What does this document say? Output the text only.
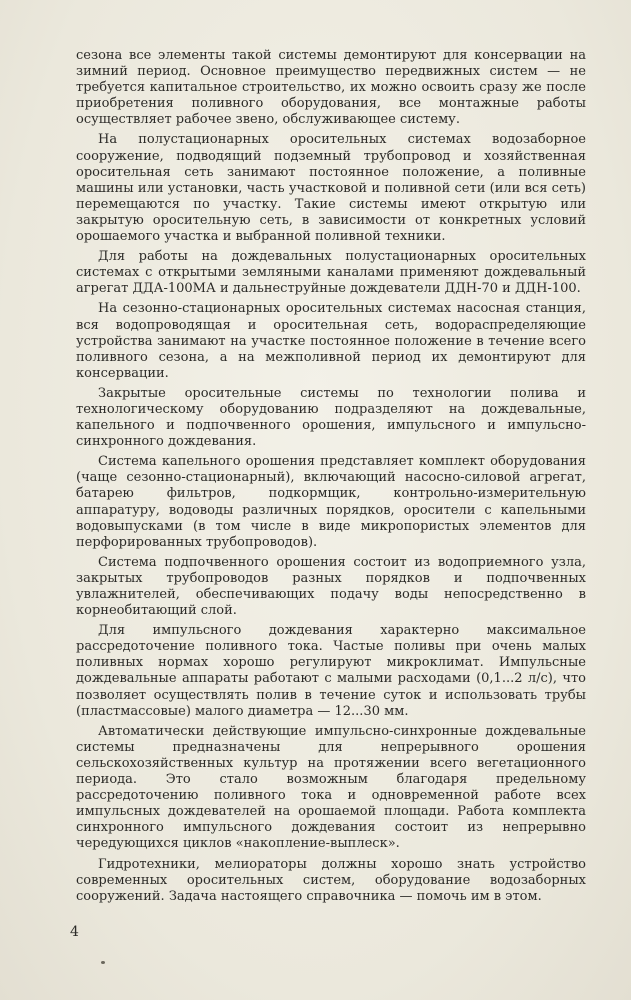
сезона все элементы такой системы демонтируют для консервации на зимний период. Основное преимущество передвижных систем — не требуется капитальное строительство, их можно освоить сразу же после приобретения поливного оборудования, все монтажные работы осуществляет рабочее звено, обслуживающее систему.

На полустационарных оросительных системах водозаборное сооружение, подводящий подземный трубопровод и хозяйственная оросительная сеть занимают постоянное положение, а поливные машины или установки, часть участковой и поливной сети (или вся сеть) перемещаются по участку. Такие системы имеют открытую или закрытую оросительную сеть, в зависимости от конкретных условий орошаемого участка и выбранной поливной техники.

Для работы на дождевальных полустационарных оросительных системах с открытыми земляными каналами применяют дождевальный агрегат ДДА-100МА и дальнеструйные дождеватели ДДН-70 и ДДН-100.

На сезонно-стационарных оросительных системах насосная станция, вся водопроводящая и оросительная сеть, водораспределяющие устройства занимают на участке постоянное положение в течение всего поливного сезона, а на межполивной период их демонтируют для консервации.

Закрытые оросительные системы по технологии полива и технологическому оборудованию подразделяют на дождевальные, капельного и подпочвенного орошения, импульсного и импульсно-синхронного дождевания.

Система капельного орошения представляет комплект оборудования (чаще сезонно-стационарный), включающий насосно-силовой агрегат, батарею фильтров, подкормщик, контрольно-измерительную аппаратуру, водоводы различных порядков, оросители с капельными водовыпусками (в том числе в виде микропористых элементов для перфорированных трубопроводов).

Система подпочвенного орошения состоит из водоприемного узла, закрытых трубопроводов разных порядков и подпочвенных увлажнителей, обеспечивающих подачу воды непосредственно в корнеобитающий слой.

Для импульсного дождевания характерно максимальное рассредоточение поливного тока. Частые поливы при очень малых поливных нормах хорошо регулируют микроклимат. Импульсные дождевальные аппараты работают с малыми расходами (0,1...2 л/с), что позволяет осуществлять полив в течение суток и использовать трубы (пластмассовые) малого диаметра — 12...30 мм.

Автоматически действующие импульсно-синхронные дождевальные системы предназначены для непрерывного орошения сельскохозяйственных культур на протяжении всего вегетационного периода. Это стало возможным благодаря предельному рассредоточению поливного тока и одновременной работе всех импульсных дождевателей на орошаемой площади. Работа комплекта синхронного импульсного дождевания состоит из непрерывно чередующихся циклов «накопление-выплеск».

Гидротехники, мелиораторы должны хорошо знать устройство современных оросительных систем, оборудование водозаборных сооружений. Задача настоящего справочника — помочь им в этом.

4
